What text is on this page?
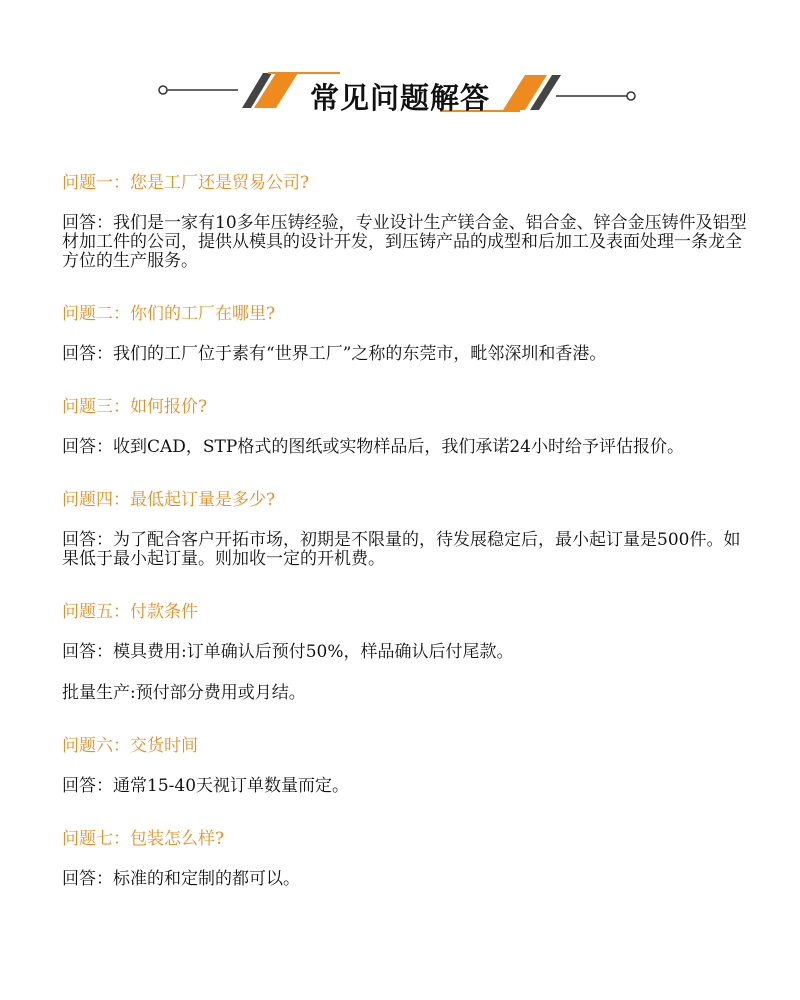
常见问题解答
问题一：您是工厂还是贸易公司?
回答：我们是一家有10多年压铸经验，专业设计生产镁合金、铝合金、锌合金压铸件及铝型材加工件的公司，提供从模具的设计开发，到压铸产品的成型和后加工及表面处理一条龙全方位的生产服务。
问题二：你们的工厂在哪里?
回答：我们的工厂位于素有“世界工厂”之称的东莞市，毗邻深圳和香港。
问题三：如何报价?
回答：收到CAD，STP格式的图纸或实物样品后，我们承诺24小时给予评估报价。
问题四：最低起订量是多少?
回答：为了配合客户开拓市场，初期是不限量的，待发展稳定后，最小起订量是500件。如果低于最小起订量。则加收一定的开机费。
问题五：付款条件
回答：模具费用:订单确认后预付50%，样品确认后付尾款。
批量生产:预付部分费用或月结。
问题六：交货时间
回答：通常15-40天视订单数量而定。
问题七：包装怎么样?
回答：标准的和定制的都可以。
